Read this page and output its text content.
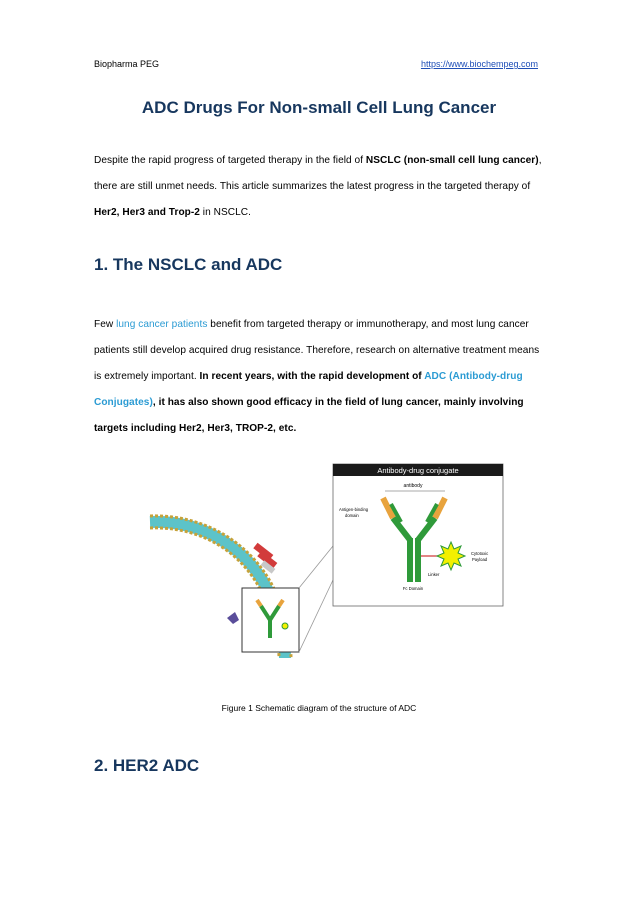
Biopharma PEG	https://www.biochempeg.com
ADC Drugs For Non-small Cell Lung Cancer

Despite the rapid progress of targeted therapy in the field of NSCLC (non-small cell lung cancer), there are still unmet needs. This article summarizes the latest progress in the targeted therapy of Her2, Her3 and Trop-2 in NSCLC.

1. The NSCLC and ADC

Few lung cancer patients benefit from targeted therapy or immunotherapy, and most lung cancer patients still develop acquired drug resistance. Therefore, research on alternative treatment means is extremely important. In recent years, with the rapid development of ADC (Antibody-drug Conjugates), it has also shown good efficacy in the field of lung cancer, mainly involving targets including Her2, Her3, TROP-2, etc.

Antibody-drug conjugate
antibody
Antigen-binding
domain
Cytotoxic
Payload
Linker
Fc Domain

Figure 1 Schematic diagram of the structure of ADC

2. HER2 ADC
